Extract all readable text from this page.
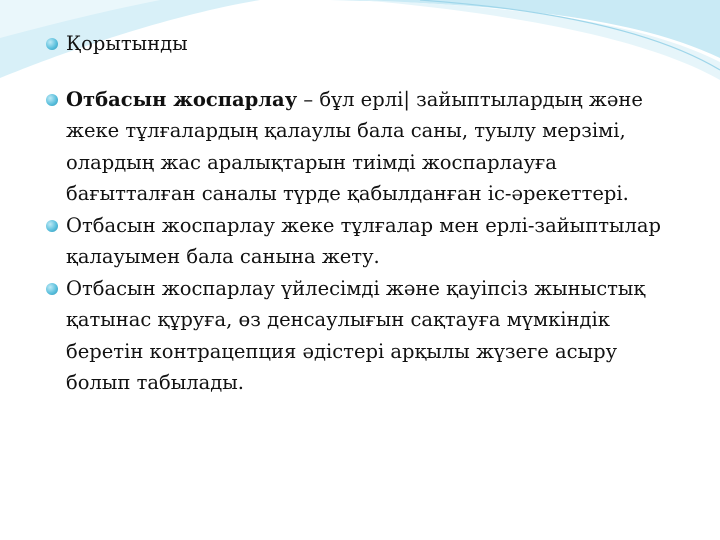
Қорытынды
Отбасын жоспарлау – бұл ерлі| зайыптылардың және жеке тұлғалардың қалаулы бала саны, туылу мерзімі, олардың жас аралықтарын тиімді жоспарлауға бағытталған саналы түрде қабылданған іс-әрекеттері.
Отбасын жоспарлау жеке тұлғалар мен ерлі-зайыптылар қалауымен бала санына жету.
Отбасын жоспарлау үйлесімді және қауіпсіз жыныстық қатынас құруға, өз денсаулығын сақтауға мүмкіндік беретін контрацепция әдістері арқылы жүзеге асыру болып табылады.
